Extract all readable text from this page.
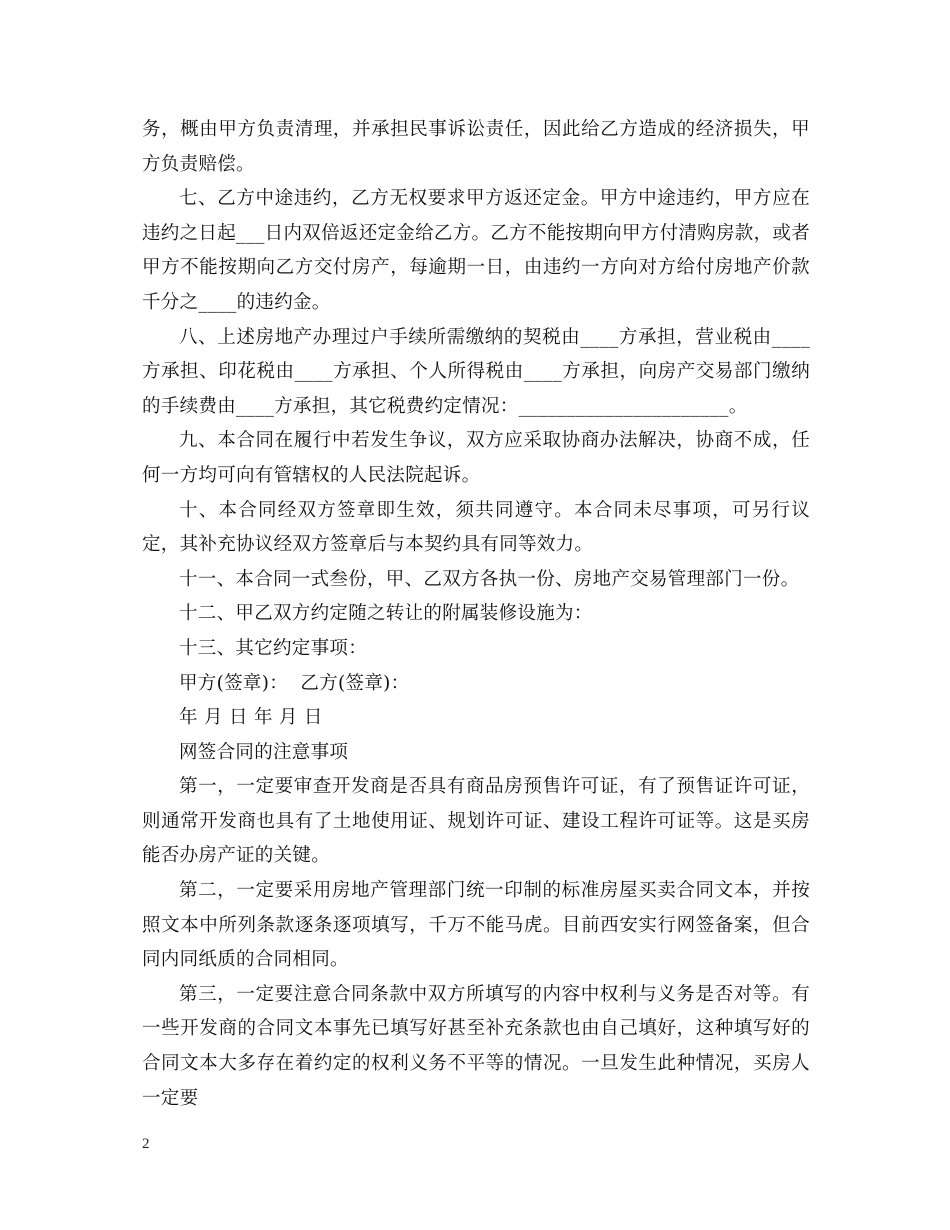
务，概由甲方负责清理，并承担民事诉讼责任，因此给乙方造成的经济损失，甲方负责赔偿。

七、乙方中途违约，乙方无权要求甲方返还定金。甲方中途违约，甲方应在违约之日起___日内双倍返还定金给乙方。乙方不能按期向甲方付清购房款，或者甲方不能按期向乙方交付房产，每逾期一日，由违约一方向对方给付房地产价款千分之____的违约金。

八、上述房地产办理过户手续所需缴纳的契税由____方承担，营业税由____方承担、印花税由____方承担、个人所得税由____方承担，向房产交易部门缴纳的手续费由____方承担，其它税费约定情况：______________________。

九、本合同在履行中若发生争议，双方应采取协商办法解决，协商不成，任何一方均可向有管辖权的人民法院起诉。

十、本合同经双方签章即生效，须共同遵守。本合同未尽事项，可另行议定，其补充协议经双方签章后与本契约具有同等效力。

十一、本合同一式叁份，甲、乙双方各执一份、房地产交易管理部门一份。

十二、甲乙双方约定随之转让的附属装修设施为：

十三、其它约定事项：

甲方(签章)：  乙方(签章)：

年 月 日 年 月 日

网签合同的注意事项

第一，一定要审查开发商是否具有商品房预售许可证，有了预售证许可证，则通常开发商也具有了土地使用证、规划许可证、建设工程许可证等。这是买房能否办房产证的关键。

第二，一定要采用房地产管理部门统一印制的标准房屋买卖合同文本，并按照文本中所列条款逐条逐项填写，千万不能马虎。目前西安实行网签备案，但合同内同纸质的合同相同。

第三，一定要注意合同条款中双方所填写的内容中权利与义务是否对等。有一些开发商的合同文本事先已填写好甚至补充条款也由自己填好，这种填写好的合同文本大多存在着约定的权利义务不平等的情况。一旦发生此种情况，买房人一定要

2
